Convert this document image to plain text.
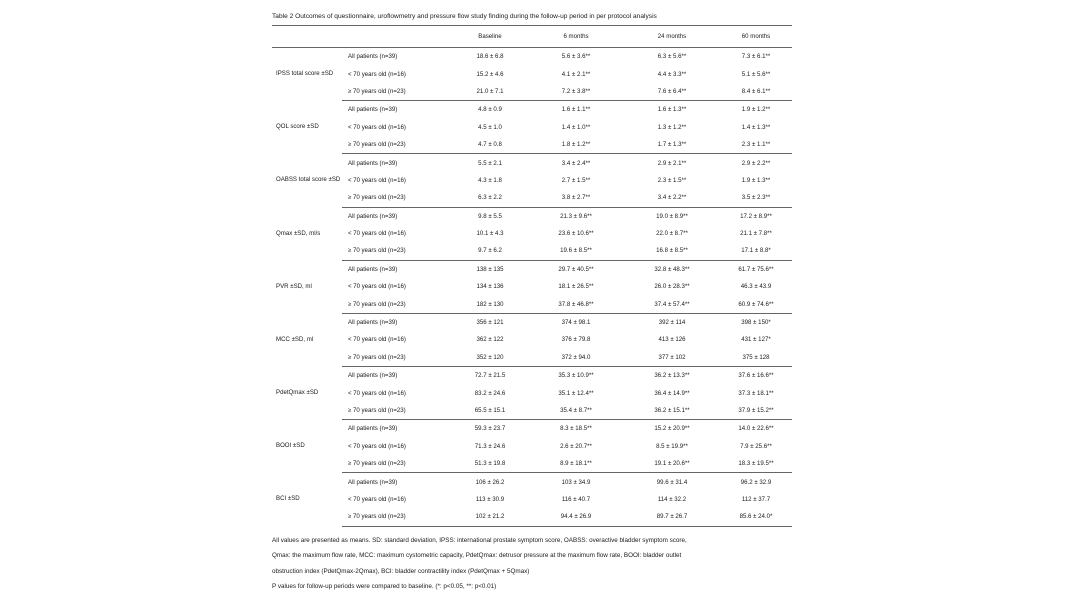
Table 2 Outcomes of questionnaire, uroflowmetry and pressure flow study finding during the follow-up period in per protocol analysis
		Baseline	6 months	24 months	60 months
IPSS total score ±SD	All patients (n=39)	18.6 ± 6.8	5.6 ± 3.6**	6.3 ± 5.6**	7.3 ± 6.1**
	< 70 years old (n=16)	15.2 ± 4.6	4.1 ± 2.1**	4.4 ± 3.3**	5.1 ± 5.6**
	≥ 70 years old (n=23)	21.0 ± 7.1	7.2 ± 3.8**	7.6 ± 6.4**	8.4 ± 6.1**
QOL score ±SD	All patients (n=39)	4.8 ± 0.9	1.6 ± 1.1**	1.6 ± 1.3**	1.9 ± 1.2**
	< 70 years old (n=16)	4.5 ± 1.0	1.4 ± 1.0**	1.3 ± 1.2**	1.4 ± 1.3**
	≥ 70 years old (n=23)	4.7 ± 0.8	1.8 ± 1.2**	1.7 ± 1.3**	2.3 ± 1.1**
OABSS total score ±SD	All patients (n=39)	5.5 ± 2.1	3.4 ± 2.4**	2.9 ± 2.1**	2.9 ± 2.2**
	< 70 years old (n=16)	4.3 ± 1.8	2.7 ± 1.5**	2.3 ± 1.5**	1.9 ± 1.3**
	≥ 70 years old (n=23)	6.3 ± 2.2	3.8 ± 2.7**	3.4 ± 2.2**	3.5 ± 2.3**
Qmax ±SD, ml/s	All patients (n=39)	9.8 ± 5.5	21.3 ± 9.6**	19.0 ± 8.9**	17.2 ± 8.9**
	< 70 years old (n=16)	10.1 ± 4.3	23.6 ± 10.6**	22.0 ± 8.7**	21.1 ± 7.8**
	≥ 70 years old (n=23)	9.7 ± 6.2	19.6 ± 8.5**	16.8 ± 8.5**	17.1 ± 8.8*
PVR ±SD, ml	All patients (n=39)	138 ± 135	29.7 ± 40.5**	32.8 ± 48.3**	61.7 ± 75.6**
	< 70 years old (n=16)	134 ± 136	18.1 ± 26.5**	26.0 ± 28.3**	46.3 ± 43.9
	≥ 70 years old (n=23)	182 ± 130	37.8 ± 46.8**	37.4 ± 57.4**	60.9 ± 74.6**
MCC ±SD, ml	All patients (n=39)	356 ± 121	374 ± 98.1	392 ± 114	398 ± 150*
	< 70 years old (n=16)	362 ± 122	376 ± 79.8	413 ± 126	431 ± 127*
	≥ 70 years old (n=23)	352 ± 120	372 ± 94.0	377 ± 102	375 ± 128
PdetQmax ±SD	All patients (n=39)	72.7 ± 21.5	35.3 ± 10.9**	36.2 ± 13.3**	37.6 ± 16.6**
	< 70 years old (n=16)	83.2 ± 24.6	35.1 ± 12.4**	36.4 ± 14.9**	37.3 ± 18.1**
	≥ 70 years old (n=23)	65.5 ± 15.1	35.4 ± 8.7**	36.2 ± 15.1**	37.9 ± 15.2**
BOOI ±SD	All patients (n=39)	59.3 ± 23.7	8.3 ± 18.5**	15.2 ± 20.9**	14.0 ± 22.6**
	< 70 years old (n=16)	71.3 ± 24.6	2.6 ± 20.7**	8.5 ± 19.9**	7.9 ± 25.6**
	≥ 70 years old (n=23)	51.3 ± 19.8	8.9 ± 18.1**	19.1 ± 20.6**	18.3 ± 19.5**
BCI ±SD	All patients (n=39)	106 ± 26.2	103 ± 34.9	99.6 ± 31.4	96.2 ± 32.9
	< 70 years old (n=16)	113 ± 30.9	116 ± 40.7	114 ± 32.2	112 ± 37.7
	≥ 70 years old (n=23)	102 ± 21.2	94.4 ± 26.9	89.7 ± 26.7	85.6 ± 24.0*
All values are presented as means. SD: standard deviation, IPSS: international prostate symptom score, OABSS: overactive bladder symptom score,
Qmax: the maximum flow rate, MCC: maximum cystometric capacity, PdetQmax: detrusor pressure at the maximum flow rate, BOOI: bladder outlet
obstruction index (PdetQmax-2Qmax), BCI: bladder contractility index (PdetQmax + 5Qmax)
P values for follow-up periods were compared to baseline. (*: p<0.05, **: p<0.01)
